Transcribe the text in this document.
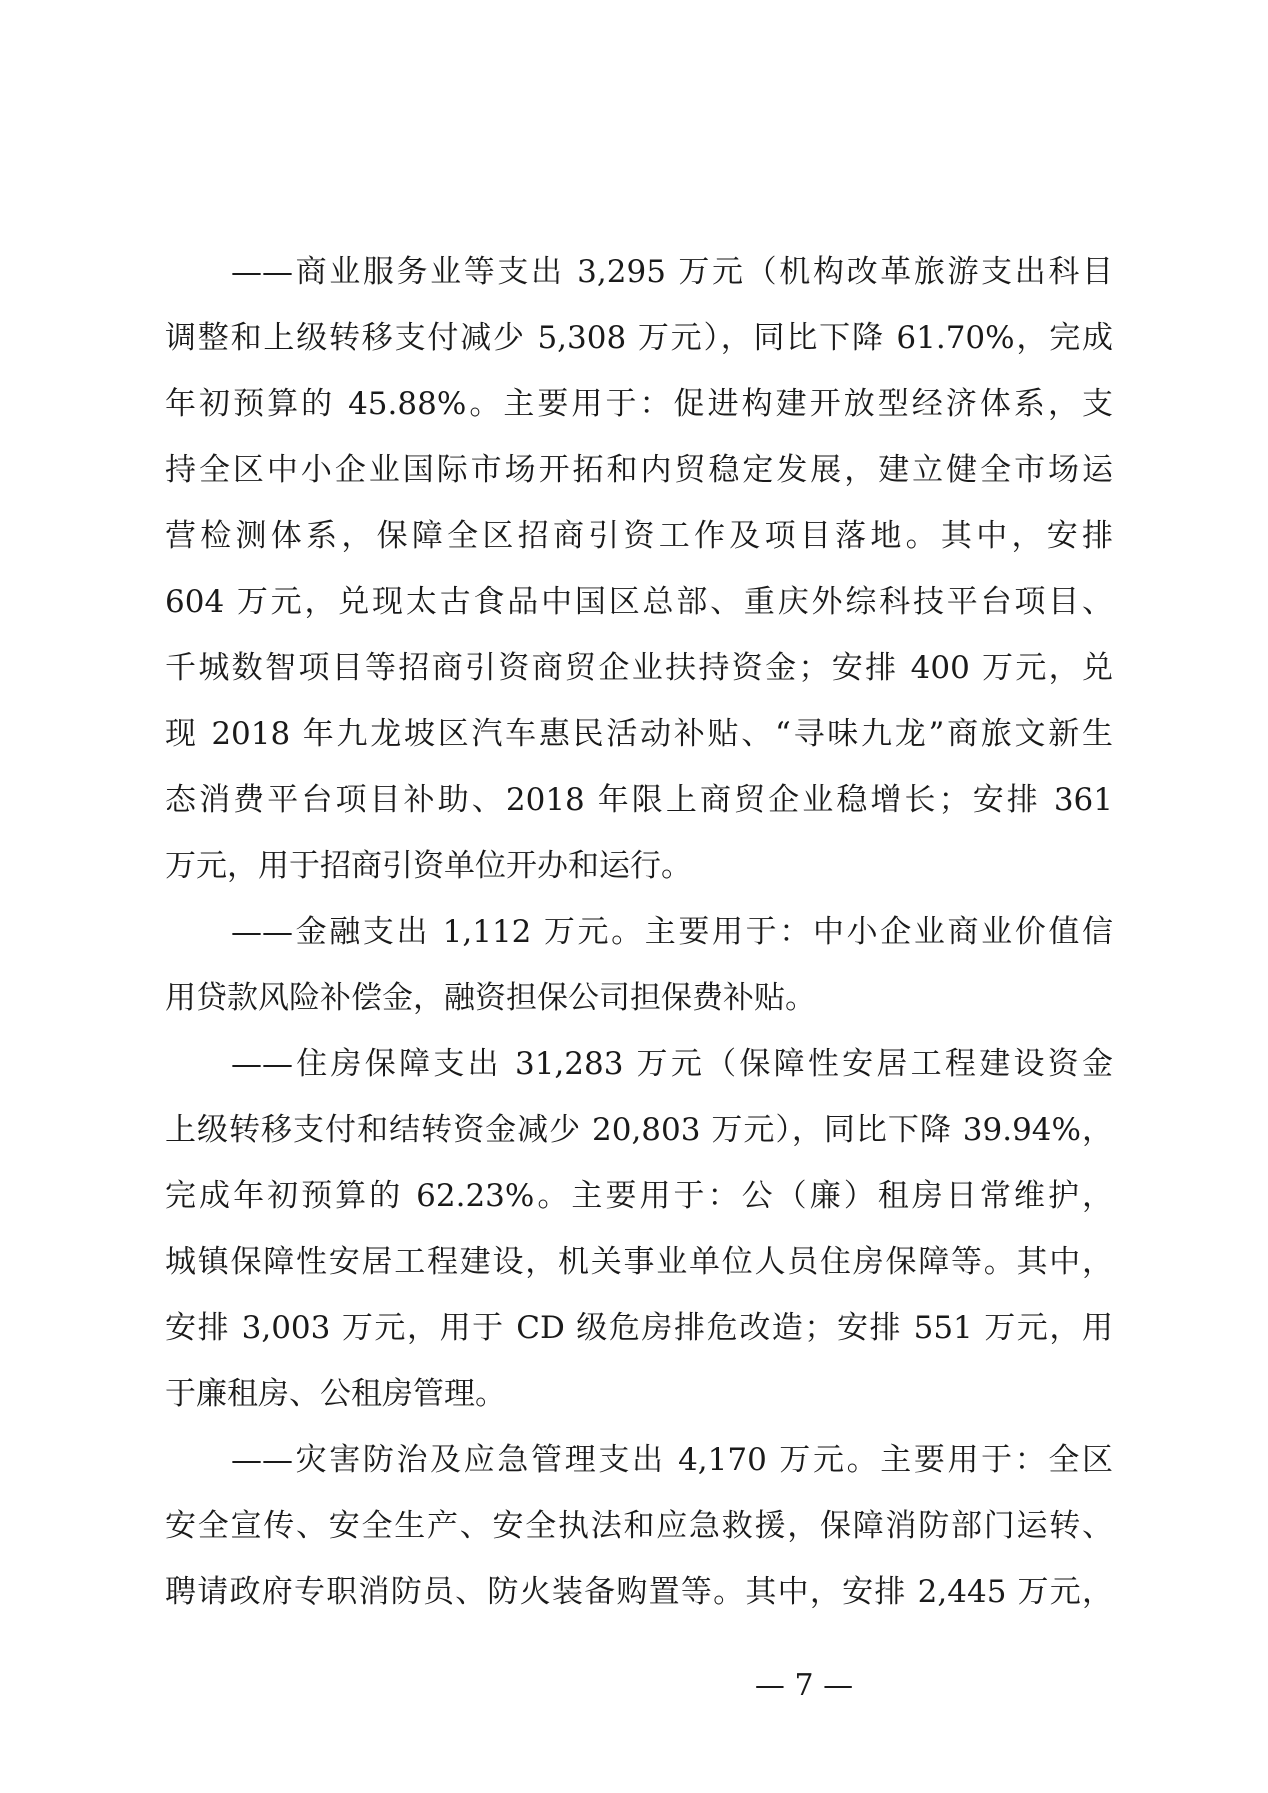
——商业服务业等支出 3,295 万元（机构改革旅游支出科目
调整和上级转移支付减少 5,308 万元），同比下降 61.70%，完成
年初预算的 45.88%。主要用于：促进构建开放型经济体系，支
持全区中小企业国际市场开拓和内贸稳定发展，建立健全市场运
营检测体系，保障全区招商引资工作及项目落地。其中，安排
604 万元，兑现太古食品中国区总部、重庆外综科技平台项目、
千城数智项目等招商引资商贸企业扶持资金；安排 400 万元，兑
现 2018 年九龙坡区汽车惠民活动补贴、“寻味九龙”商旅文新生
态消费平台项目补助、2018 年限上商贸企业稳增长；安排 361
万元，用于招商引资单位开办和运行。

——金融支出 1,112 万元。主要用于：中小企业商业价值信
用贷款风险补偿金，融资担保公司担保费补贴。

——住房保障支出 31,283 万元（保障性安居工程建设资金
上级转移支付和结转资金减少 20,803 万元），同比下降 39.94%，
完成年初预算的 62.23%。主要用于：公（廉）租房日常维护，
城镇保障性安居工程建设，机关事业单位人员住房保障等。其中，
安排 3,003 万元，用于 CD 级危房排危改造；安排 551 万元，用
于廉租房、公租房管理。

——灾害防治及应急管理支出 4,170 万元。主要用于：全区
安全宣传、安全生产、安全执法和应急救援，保障消防部门运转、
聘请政府专职消防员、防火装备购置等。其中，安排 2,445 万元，

— 7 —
